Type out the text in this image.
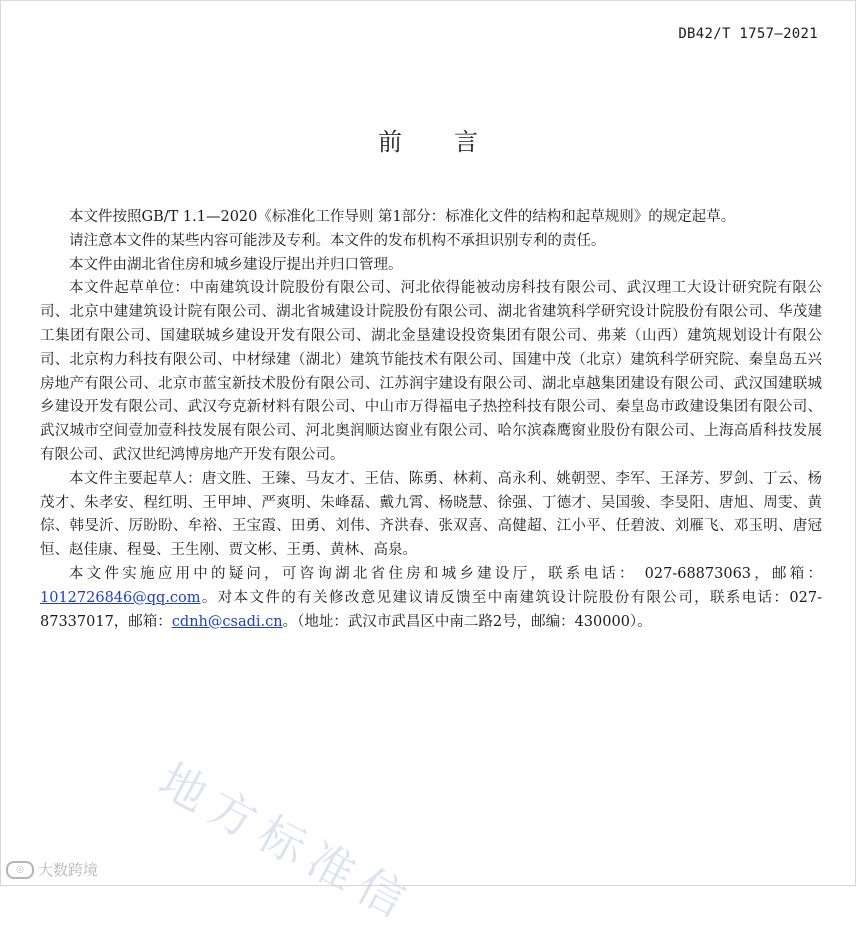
DB42/T 1757—2021
前言

本文件按照GB/T 1.1—2020《标准化工作导则 第1部分：标准化文件的结构和起草规则》的规定起草。

请注意本文件的某些内容可能涉及专利。本文件的发布机构不承担识别专利的责任。

本文件由湖北省住房和城乡建设厅提出并归口管理。

本文件起草单位：中南建筑设计院股份有限公司、河北依得能被动房科技有限公司、武汉理工大设计研究院有限公司、北京中建建筑设计院有限公司、湖北省城建设计院股份有限公司、湖北省建筑科学研究设计院股份有限公司、华茂建工集团有限公司、国建联城乡建设开发有限公司、湖北金垦建设投资集团有限公司、弗莱（山西）建筑规划设计有限公司、北京构力科技有限公司、中材绿建（湖北）建筑节能技术有限公司、国建中茂（北京）建筑科学研究院、秦皇岛五兴房地产有限公司、北京市蓝宝新技术股份有限公司、江苏润宇建设有限公司、湖北卓越集团建设有限公司、武汉国建联城乡建设开发有限公司、武汉夸克新材料有限公司、中山市万得福电子热控科技有限公司、秦皇岛市政建设集团有限公司、武汉城市空间壹加壹科技发展有限公司、河北奥润顺达窗业有限公司、哈尔滨森鹰窗业股份有限公司、上海高盾科技发展有限公司、武汉世纪鸿博房地产开发有限公司。

本文件主要起草人：唐文胜、王臻、马友才、王佶、陈勇、林莉、高永利、姚朝翌、李军、王泽芳、罗剑、丁云、杨茂才、朱孝安、程红明、王甲坤、严爽明、朱峰磊、戴九霄、杨晓慧、徐强、丁德才、吴国骏、李旻阳、唐旭、周雯、黄倧、韩旻沂、厉盼盼、牟裕、王宝霞、田勇、刘伟、齐洪春、张双喜、高健超、江小平、任碧波、刘雁飞、邓玉明、唐冠恒、赵佳康、程曼、王生刚、贾文彬、王勇、黄林、高泉。

本文件实施应用中的疑问，可咨询湖北省住房和城乡建设厅，联系电话： 027-68873063，邮箱：1012726846@qq.com。对本文件的有关修改意见建议请反馈至中南建筑设计院股份有限公司，联系电话：027-87337017，邮箱：cdnh@csadi.cn。（地址：武汉市武昌区中南二路2号，邮编：430000）。

地方标准信
◎ 大数跨境
